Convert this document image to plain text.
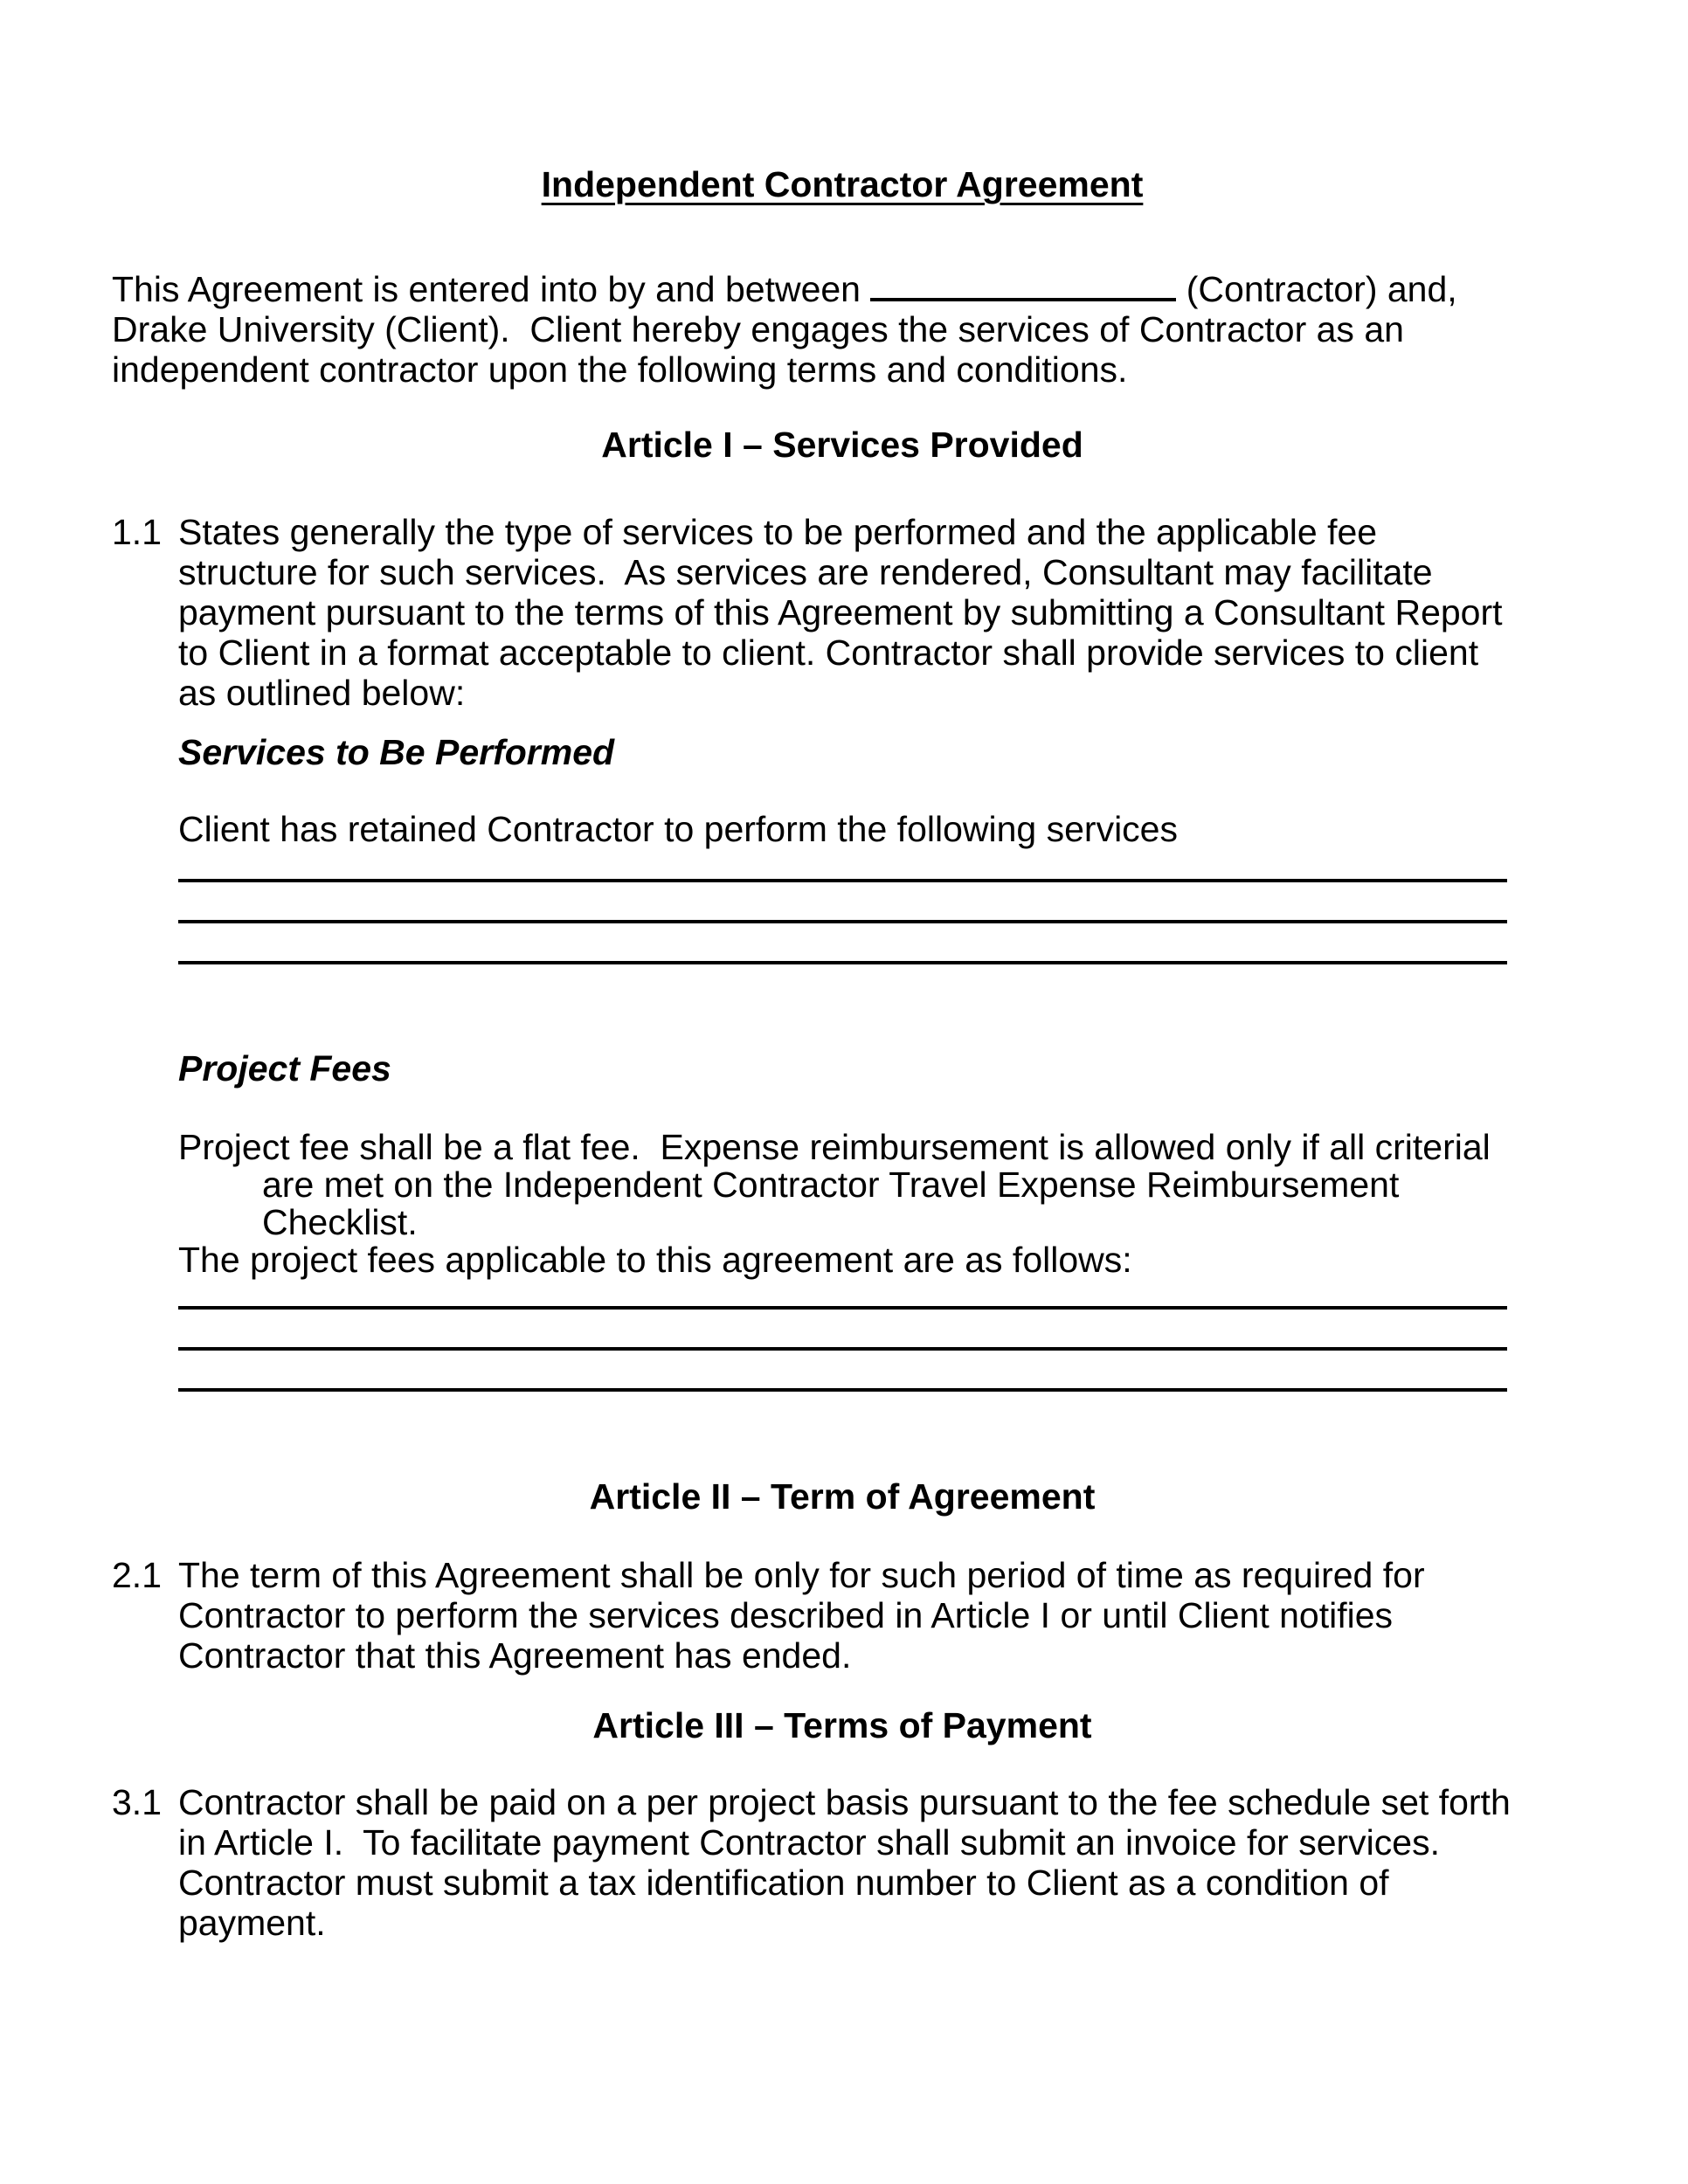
Independent Contractor Agreement
This Agreement is entered into by and between	(Contractor) and,
Drake University (Client).  Client hereby engages the services of Contractor as an
independent contractor upon the following terms and conditions.
Article I – Services Provided
1.1 States generally the type of services to be performed and the applicable fee
structure for such services.  As services are rendered, Consultant may facilitate
payment pursuant to the terms of this Agreement by submitting a Consultant Report
to Client in a format acceptable to client. Contractor shall provide services to client
as outlined below:
Services to Be Performed
Client has retained Contractor to perform the following services
Project Fees
Project fee shall be a flat fee.  Expense reimbursement is allowed only if all criterial
are met on the Independent Contractor Travel Expense Reimbursement
Checklist.
The project fees applicable to this agreement are as follows:
Article II – Term of Agreement
2.1 The term of this Agreement shall be only for such period of time as required for
Contractor to perform the services described in Article I or until Client notifies
Contractor that this Agreement has ended.
Article III – Terms of Payment
3.1 Contractor shall be paid on a per project basis pursuant to the fee schedule set forth
in Article I.  To facilitate payment Contractor shall submit an invoice for services.
Contractor must submit a tax identification number to Client as a condition of
payment.
